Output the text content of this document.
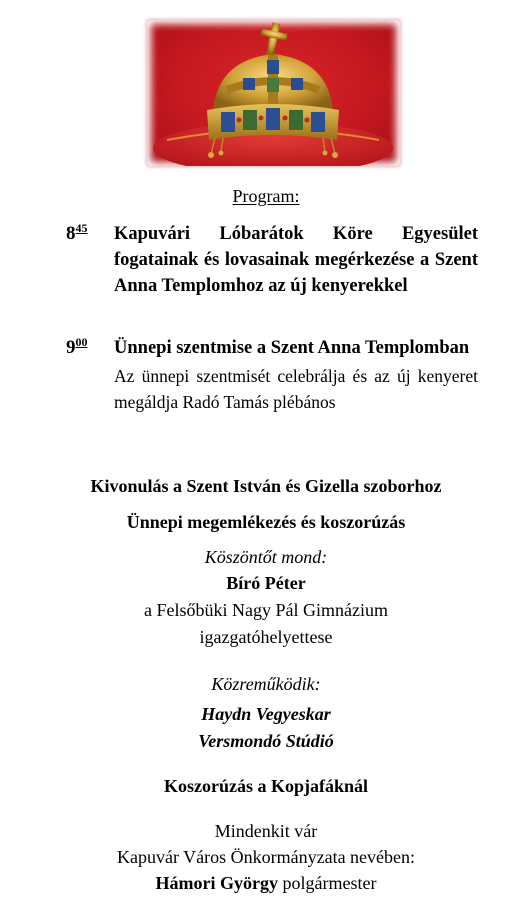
Program:
$8^{45}$ Kapuvári Lóbarátok Köre Egyesület fogatainak és lovasainak megérkezése a Szent Anna Templomhoz az új kenyerekkel
$9^{00}$ Ünnepi szentmise a Szent Anna Templomban
Az ünnepi szentmisét celebrálja és az új kenyeret megáldja Radó Tamás plébános
Kivonulás a Szent István és Gizella szoborhoz
Ünnepi megemlékezés és koszorúzás
Köszöntőt mond:
Bíró Péter
a Felsőbüki Nagy Pál Gimnázium
igazgatóhelyettese
Közreműködik:
Haydn Vegyeskar
Versmondó Stúdió
Koszorúzás a Kopjafáknál
Mindenkit vár
Kapuvár Város Önkormányzata nevében:
Hámori György polgármester
